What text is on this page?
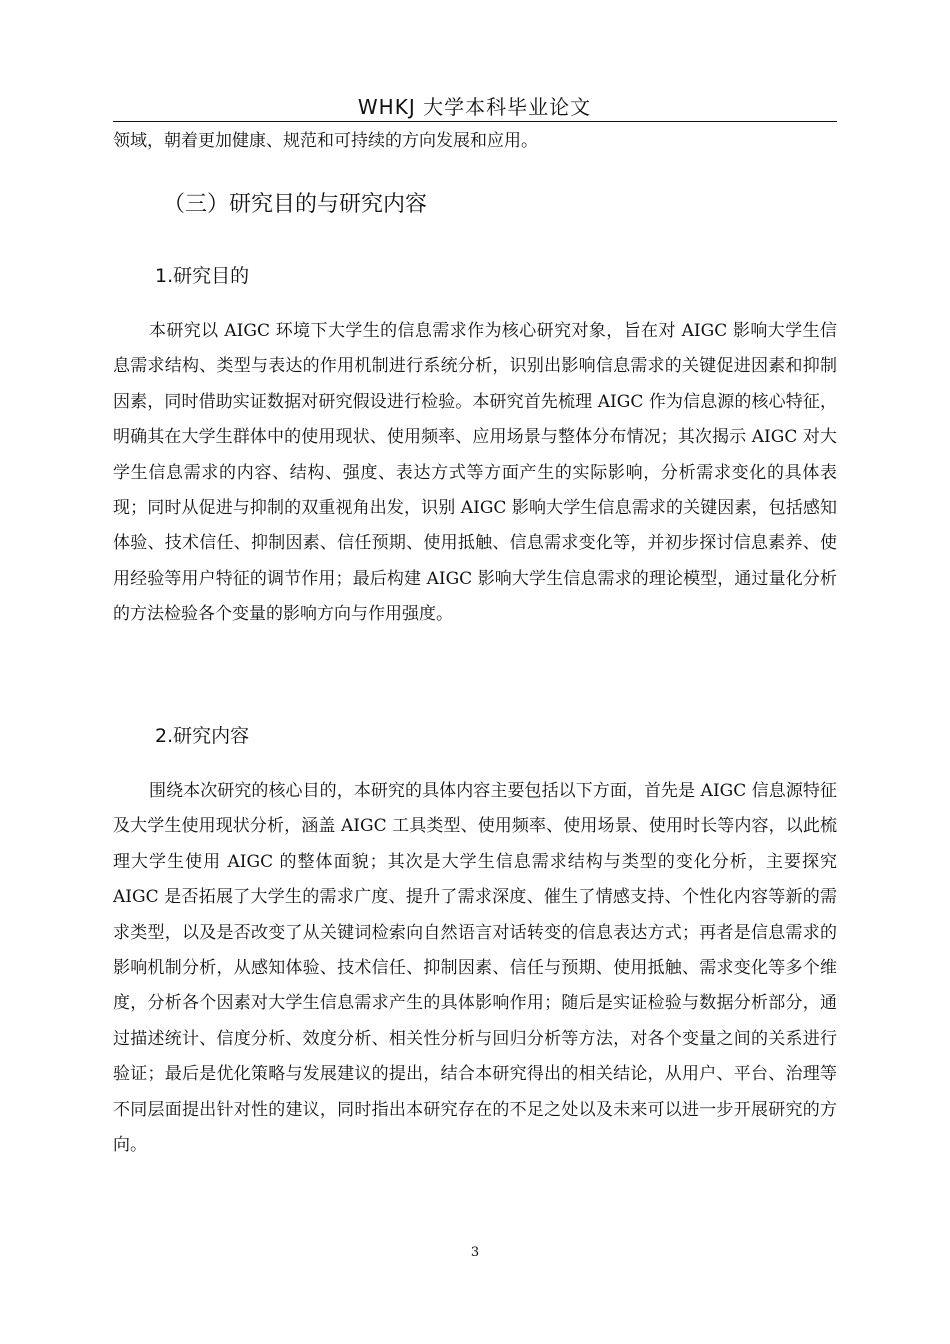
WHKJ 大学本科毕业论文

领域，朝着更加健康、规范和可持续的方向发展和应用。

（三）研究目的与研究内容
1.研究目的

本研究以 AIGC 环境下大学生的信息需求作为核心研究对象，旨在对 AIGC 影响大学生信息需求结构、类型与表达的作用机制进行系统分析，识别出影响信息需求的关键促进因素和抑制因素，同时借助实证数据对研究假设进行检验。本研究首先梳理 AIGC 作为信息源的核心特征，明确其在大学生群体中的使用现状、使用频率、应用场景与整体分布情况；其次揭示 AIGC 对大学生信息需求的内容、结构、强度、表达方式等方面产生的实际影响，分析需求变化的具体表现；同时从促进与抑制的双重视角出发，识别 AIGC 影响大学生信息需求的关键因素，包括感知体验、技术信任、抑制因素、信任预期、使用抵触、信息需求变化等，并初步探讨信息素养、使用经验等用户特征的调节作用；最后构建 AIGC 影响大学生信息需求的理论模型，通过量化分析的方法检验各个变量的影响方向与作用强度。

2.研究内容

围绕本次研究的核心目的，本研究的具体内容主要包括以下方面，首先是 AIGC 信息源特征及大学生使用现状分析，涵盖 AIGC 工具类型、使用频率、使用场景、使用时长等内容，以此梳理大学生使用 AIGC 的整体面貌；其次是大学生信息需求结构与类型的变化分析，主要探究 AIGC 是否拓展了大学生的需求广度、提升了需求深度、催生了情感支持、个性化内容等新的需求类型，以及是否改变了从关键词检索向自然语言对话转变的信息表达方式；再者是信息需求的影响机制分析，从感知体验、技术信任、抑制因素、信任与预期、使用抵触、需求变化等多个维度，分析各个因素对大学生信息需求产生的具体影响作用；随后是实证检验与数据分析部分，通过描述统计、信度分析、效度分析、相关性分析与回归分析等方法，对各个变量之间的关系进行验证；最后是优化策略与发展建议的提出，结合本研究得出的相关结论，从用户、平台、治理等不同层面提出针对性的建议，同时指出本研究存在的不足之处以及未来可以进一步开展研究的方向。

3
